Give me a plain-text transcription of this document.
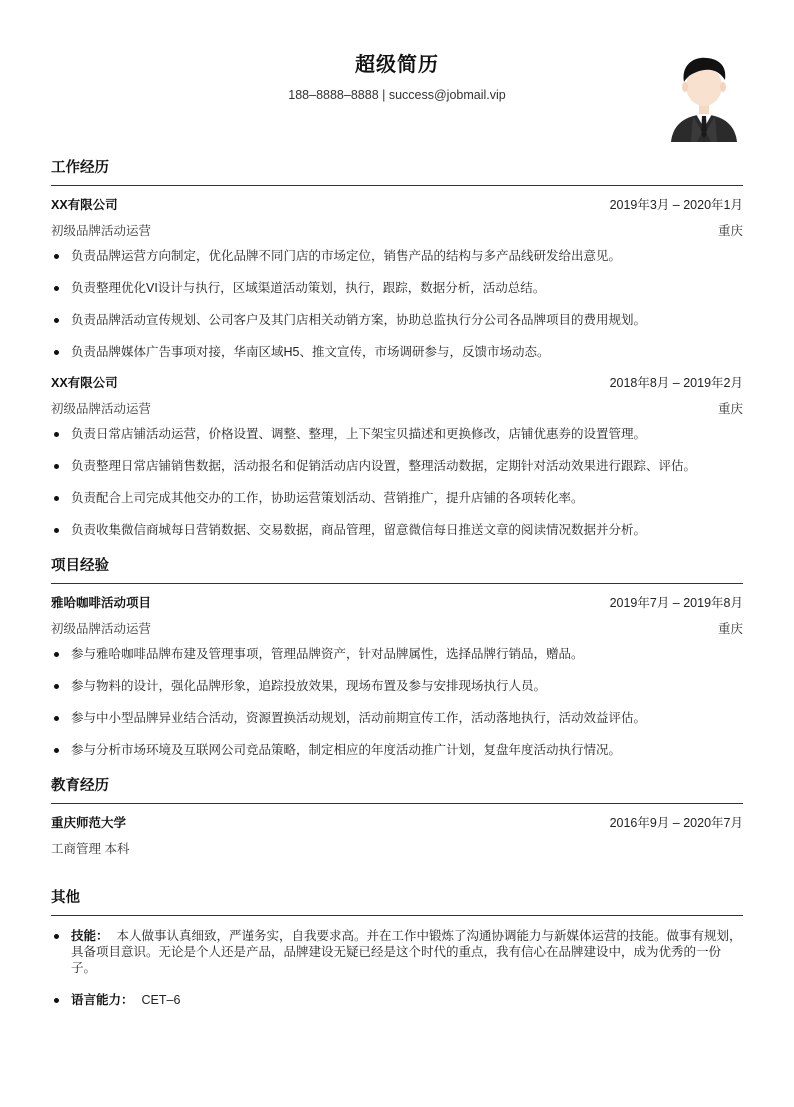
超级简历
188–8888–8888 | success@jobmail.vip
工作经历
XX有限公司	2019年3月 – 2020年1月
初级品牌活动运营	重庆
负责品牌运营方向制定，优化品牌不同门店的市场定位，销售产品的结构与多产品线研发给出意见。
负责整理优化VI设计与执行，区域渠道活动策划，执行，跟踪，数据分析，活动总结。
负责品牌活动宣传规划、公司客户及其门店相关动销方案，协助总监执行分公司各品牌项目的费用规划。
负责品牌媒体广告事项对接，华南区域H5、推文宣传，市场调研参与，反馈市场动态。
XX有限公司	2018年8月 – 2019年2月
初级品牌活动运营	重庆
负责日常店铺活动运营，价格设置、调整、整理，上下架宝贝描述和更换修改，店铺优惠券的设置管理。
负责整理日常店铺销售数据，活动报名和促销活动店内设置，整理活动数据，定期针对活动效果进行跟踪、评估。
负责配合上司完成其他交办的工作，协助运营策划活动、营销推广，提升店铺的各项转化率。
负责收集微信商城每日营销数据、交易数据，商品管理，留意微信每日推送文章的阅读情况数据并分析。
项目经验
雅哈咖啡活动项目	2019年7月 – 2019年8月
初级品牌活动运营	重庆
参与雅哈咖啡品牌布建及管理事项，管理品牌资产，针对品牌属性，选择品牌行销品，赠品。
参与物料的设计，强化品牌形象，追踪投放效果，现场布置及参与安排现场执行人员。
参与中小型品牌异业结合活动，资源置换活动规划，活动前期宣传工作，活动落地执行，活动效益评估。
参与分析市场环境及互联网公司竞品策略，制定相应的年度活动推广计划，复盘年度活动执行情况。
教育经历
重庆师范大学	2016年9月 – 2020年7月
工商管理 本科
其他
技能： 本人做事认真细致，严谨务实，自我要求高。并在工作中锻炼了沟通协调能力与新媒体运营的技能。做事有规划，具备项目意识。无论是个人还是产品，品牌建设无疑已经是这个时代的重点，我有信心在品牌建设中，成为优秀的一份子。
语言能力： CET–6
